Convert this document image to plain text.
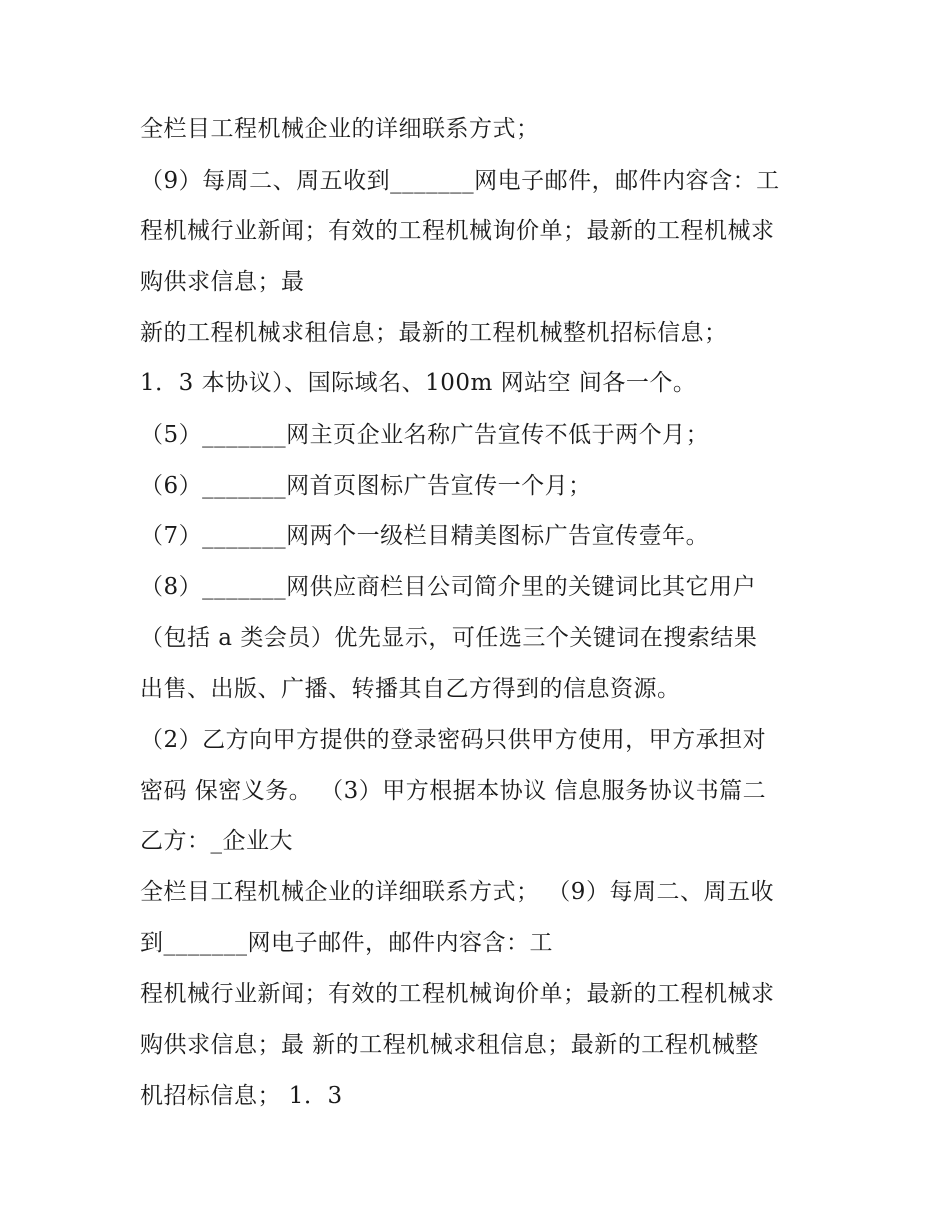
全栏目工程机械企业的详细联系方式；
（9）每周二、周五收到_______网电子邮件，邮件内容含：工
程机械行业新闻；有效的工程机械询价单；最新的工程机械求
购供求信息；最
新的工程机械求租信息；最新的工程机械整机招标信息；
1．3 本协议）、国际域名、100m 网站空 间各一个。
（5）_______网主页企业名称广告宣传不低于两个月；
（6）_______网首页图标广告宣传一个月；
（7）_______网两个一级栏目精美图标广告宣传壹年。
（8）_______网供应商栏目公司简介里的关键词比其它用户
（包括 a 类会员）优先显示，可任选三个关键词在搜索结果
出售、出版、广播、转播其自乙方得到的信息资源。
（2）乙方向甲方提供的登录密码只供甲方使用，甲方承担对
密码 保密义务。 （3）甲方根据本协议 信息服务协议书篇二
乙方：_企业大
全栏目工程机械企业的详细联系方式； （9）每周二、周五收
到_______网电子邮件，邮件内容含：工
程机械行业新闻；有效的工程机械询价单；最新的工程机械求
购供求信息；最 新的工程机械求租信息；最新的工程机械整
机招标信息； 1．3
